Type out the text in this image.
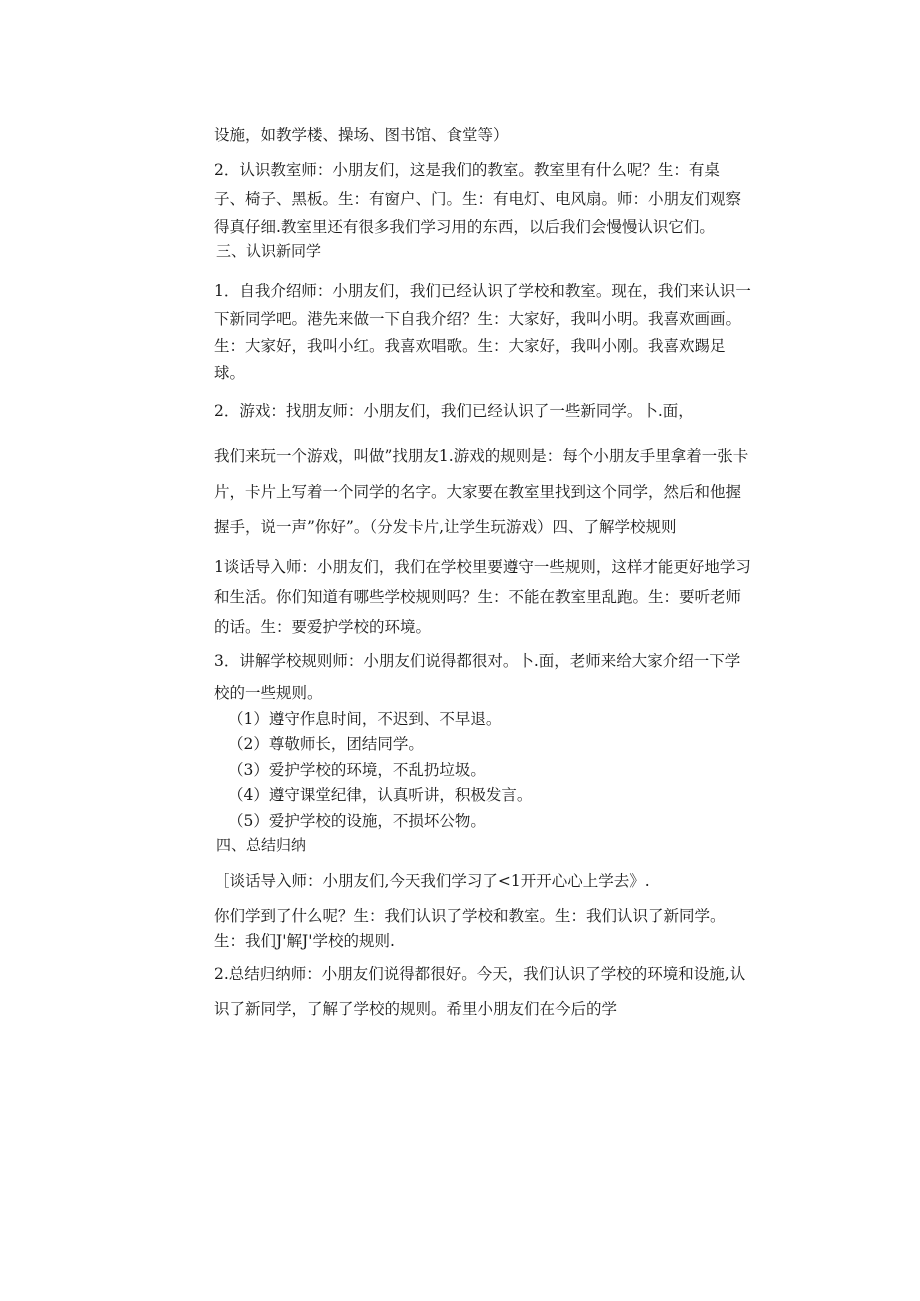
设施，如教学楼、操场、图书馆、食堂等）
2．认识教室师：小朋友们，这是我们的教室。教室里有什么呢？生：有桌
子、椅子、黑板。生：有窗户、门。生：有电灯、电风扇。师：小朋友们观察
得真仔细.教室里还有很多我们学习用的东西，以后我们会慢慢认识它们。
三、认识新同学
1．自我介绍师：小朋友们，我们已经认识了学校和教室。现在，我们来认识一
下新同学吧。港先来做一下自我介绍？生：大家好，我叫小明。我喜欢画画。
生：大家好，我叫小红。我喜欢唱歌。生：大家好，我叫小刚。我喜欢踢足
球。
2．游戏：找朋友师：小朋友们，我们已经认识了一些新同学。卜.面，
我们来玩一个游戏，叫做”找朋友1.游戏的规则是：每个小朋友手里拿着一张卡
片，卡片上写着一个同学的名字。大家要在教室里找到这个同学，然后和他握
握手，说一声”你好”。（分发卡片,让学生玩游戏）四、了解学校规则
1谈话导入师：小朋友们，我们在学校里要遵守一些规则，这样才能更好地学习
和生活。你们知道有哪些学校规则吗？生：不能在教室里乱跑。生：要听老师
的话。生：要爱护学校的环境。
3．讲解学校规则师：小朋友们说得都很对。卜.面，老师来给大家介绍一下学
校的一些规则。
（1）遵守作息时间，不迟到、不早退。
（2）尊敬师长，团结同学。
（3）爱护学校的环境，不乱扔垃圾。
（4）遵守课堂纪律，认真听讲，积极发言。
（5）爱护学校的设施，不损坏公物。
四、总结归纳
［谈话导入师：小朋友们,今天我们学习了<1开开心心上学去》.
你们学到了什么呢？生：我们认识了学校和教室。生：我们认识了新同学。
生：我们J'解J'学校的规则.
2.总结归纳师：小朋友们说得都很好。今天，我们认识了学校的环境和设施,认
识了新同学，了解了学校的规则。希里小朋友们在今后的学
